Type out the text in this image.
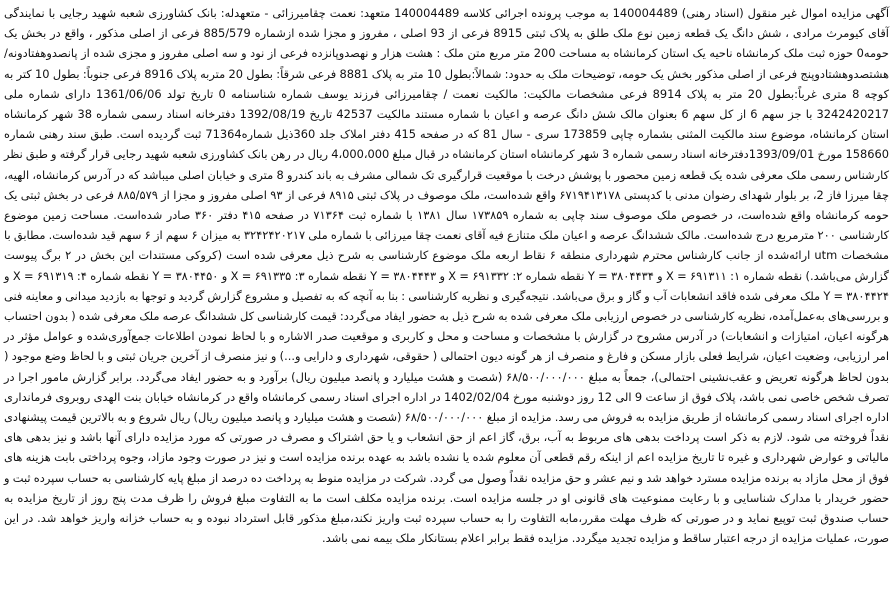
آگهی مزایده اموال غیر منقول (اسناد رهنی) 140004489 به موجب پرونده اجرائی کلاسه 140004489 متعهد: نعمت چقامیرزائی - متعهدله: بانک کشاورزی شعبه شهید رجایی با نمایندگی آقای کیومرث مرادی ، شش دانگ یک قطعه زمین نوع ملک طلق به پلاک ثبتی 8915 فرعی از 93 اصلی ، مفروز و مجزا شده ازشماره 885/579 فرعی از اصلی مذکور ، واقع در بخش یک حومه0 حوزه ثبت ملک کرمانشاه ناحیه یک استان کرمانشاه به مساحت 200 متر مربع متن ملک : هشت هزار و نهصدوپانزده فرعی از نود و سه اصلی مفروز و مجزی شده از پانصدوهفتادونه/هشتصدوهشتادوپنج فرعی از اصلی مذکور بخش یک حومه، توضیحات ملک به حدود: شمالاً:بطول 10 متر به پلاک 8881 فرعی شرقاً: بطول 20 متربه پلاک 8916 فرعی جنوباً: بطول 10 کتر به کوچه 8 متری غرباً:بطول 20 متر به پلاک 8914 فرعی مشخصات مالکیت: مالکیت نعمت / چقامیرزائی فرزند یوسف شماره شناسنامه 0 تاریخ تولد 1361/06/06 دارای شماره ملی 3242420217 با جز سهم 6 از کل سهم 6 بعنوان مالک شش دانگ عرصه و اعیان با شماره مستند مالکیت 42537 تاریخ 1392/08/19 دفترخانه اسناد رسمی شماره 38 شهر کرمانشاه استان کرمانشاه، موضوع سند مالکیت المثنی بشماره چاپی 173859 سری - سال 81 که در صفحه 415 دفتر املاک جلد 360ذیل شماره71364 ثبت گردیده است. طبق سند رهنی شماره 158660 مورخ 1393/09/01دفترخانه اسناد رسمی شماره 3 شهر کرمانشاه استان کرمانشاه در قبال مبلغ 4،000،000 ریال در رهن بانک کشاورزی شعبه شهید رجایی قرار گرفته و طبق نظر کارشناس رسمی ملک معرفی شده یک قطعه زمین محصور با پوشش درخت با موقعیت قرارگیری تک شمالی مشرف به باند کندرو 8 متری و خیابان اصلی میباشد که در آدرس کرمانشاه، الهیه، چقا میرزا فاز 2، بر بلوار شهدای رضوان مدنی با کدپستی ۶۷۱۹۴۱۳۱۷۸ واقع شده‌است، ملک موصوف در پلاک ثبتی ۸۹۱۵ فرعی از ۹۳ اصلی مفروز و مجزا از ۸۸۵/۵۷۹ فرعی در بخش ثبتی یک حومه کرمانشاه واقع شده‌است، در خصوص ملک موصوف سند چاپی به شماره ۱۷۳۸۵۹ سال ۱۳۸۱ با شماره ثبت ۷۱۳۶۴ در صفحه ۴۱۵ دفتر ۳۶۰ صادر شده‌است. مساحت زمین موضوع کارشناسی ۲۰۰ مترمربع درج شده‌است. مالک ششدانگ عرصه و اعیان ملک متنازع فیه آقای نعمت چقا میرزائی با شماره ملی ۳۲۴۲۴۲۰۲۱۷ به میزان ۶ سهم از ۶ سهم قید شده‌است. مطابق با مشخصات utm ارائه‌شده از جانب کارشناس محترم شهرداری منطقه ۶ نقاط اربعه ملک موضوع کارشناسی به شرح ذیل معرفی شده است (کروکی مستندات این بخش در ۲ برگ پیوست گزارش می‌باشد.) نقطه شماره ۱: ۶۹۱۳۱۱ = X و ۳۸۰۴۴۳۴ = Y نقطه شماره ۲: ۶۹۱۳۳۲ = X و ۳۸۰۴۴۴۳ = Y نقطه شماره ۳: ۶۹۱۳۳۵ = X و ۳۸۰۴۴۵۰ = Y نقطه شماره ۴: ۶۹۱۳۱۹ = X و ۳۸۰۴۴۲۴ = Y ملک معرفی شده فاقد انشعابات آب و گاز و برق می‌باشد. نتیجه‌گیری و نظریه کارشناسی : بنا به آنچه که به تفصیل و مشروع گزارش گردید و توجها به بازدید میدانی و معاینه فنی و بررسی‌های به‌عمل‌آمده، نظریه کارشناسی در خصوص ارزیابی ملک معرفی شده به شرح ذیل به حضور ایفاد می‌گردد: قیمت کارشناسی کل ششدانگ عرصه ملک معرفی شده ( بدون احتساب هرگونه اعیان، امتیازات و انشعابات) در آدرس مشروح در گزارش با مشخصات و مساحت و محل و کاربری و موقعیت صدر الاشاره و با لحاظ نمودن اطلاعات جمع‌آوری‌شده و عوامل مؤثر در امر ارزیابی، وضعیت اعیان، شرایط فعلی بازار مسکن و فارغ و منصرف از هر گونه دیون احتمالی ( حقوقی، شهرداری و دارایی و...) و نیز منصرف از آخرین جریان ثبتی و با لحاظ وضع موجود ( بدون لحاظ هرگونه تعریض و عقب‌نشینی احتمالی)، جمعاً به مبلغ ۶۸/۵۰۰/۰۰۰/۰۰۰ (شصت و هشت میلیارد و پانصد میلیون ریال) برآورد و به حضور ایفاد می‌گردد. برابر گزارش مامور اجرا در تصرف شخص خاصی نمی باشد، پلاک فوق از ساعت 9 الی 12 روز دوشنبه مورخ 1402/02/04 در اداره اجرای اسناد رسمی کرمانشاه واقع در کرمانشاه خیابان بنت الهدی روبروی فرمانداری اداره اجرای اسناد رسمی کرمانشاه از طریق مزایده به فروش می رسد. مزایده از مبلغ ۶۸/۵۰۰/۰۰۰/۰۰۰ (شصت و هشت میلیارد و پانصد میلیون ریال) ریال شروع و به بالاترین قیمت پیشنهادی نقداً فروخته می شود. لازم به ذکر است پرداخت بدهی های مربوط به آب، برق، گاز اعم از حق انشعاب و یا حق اشتراک و مصرف در صورتی که مورد مزایده دارای آنها باشد و نیز بدهی های مالیاتی و عوارض شهرداری و غیره تا تاریخ مزایده اعم از اینکه رقم قطعی آن معلوم شده یا نشده باشد به عهده برنده مزایده است و نیز در صورت وجود مازاد، وجوه پرداختی بابت هزینه های فوق از محل مازاد به برنده مزایده مسترد خواهد شد و نیم عشر و حق مزایده نقداً وصول می گردد. شرکت در مزایده منوط به پرداخت ده درصد از مبلغ پایه کارشناسی به حساب سپرده ثبت و حضور خریدار با مدارک شناسایی و با رعایت ممنوعیت های قانونی او در جلسه مزایده است. برنده مزایده مکلف است ما به التفاوت مبلغ فروش را ظرف مدت پنج روز از تاریخ مزایده به حساب صندوق ثبت توپیع نماید و در صورتی که ظرف مهلت مقرر،مابه التفاوت را به حساب سپرده ثبت واریز نکند،مبلغ مذکور قابل استرداد نبوده و به حساب خزانه واریز خواهد شد. در این صورت، عملیات مزایده از درجه اعتبار ساقط و مزایده تجدید میگردد. مزایده فقط برابر اعلام بستانکار ملک بیمه نمی باشد.
